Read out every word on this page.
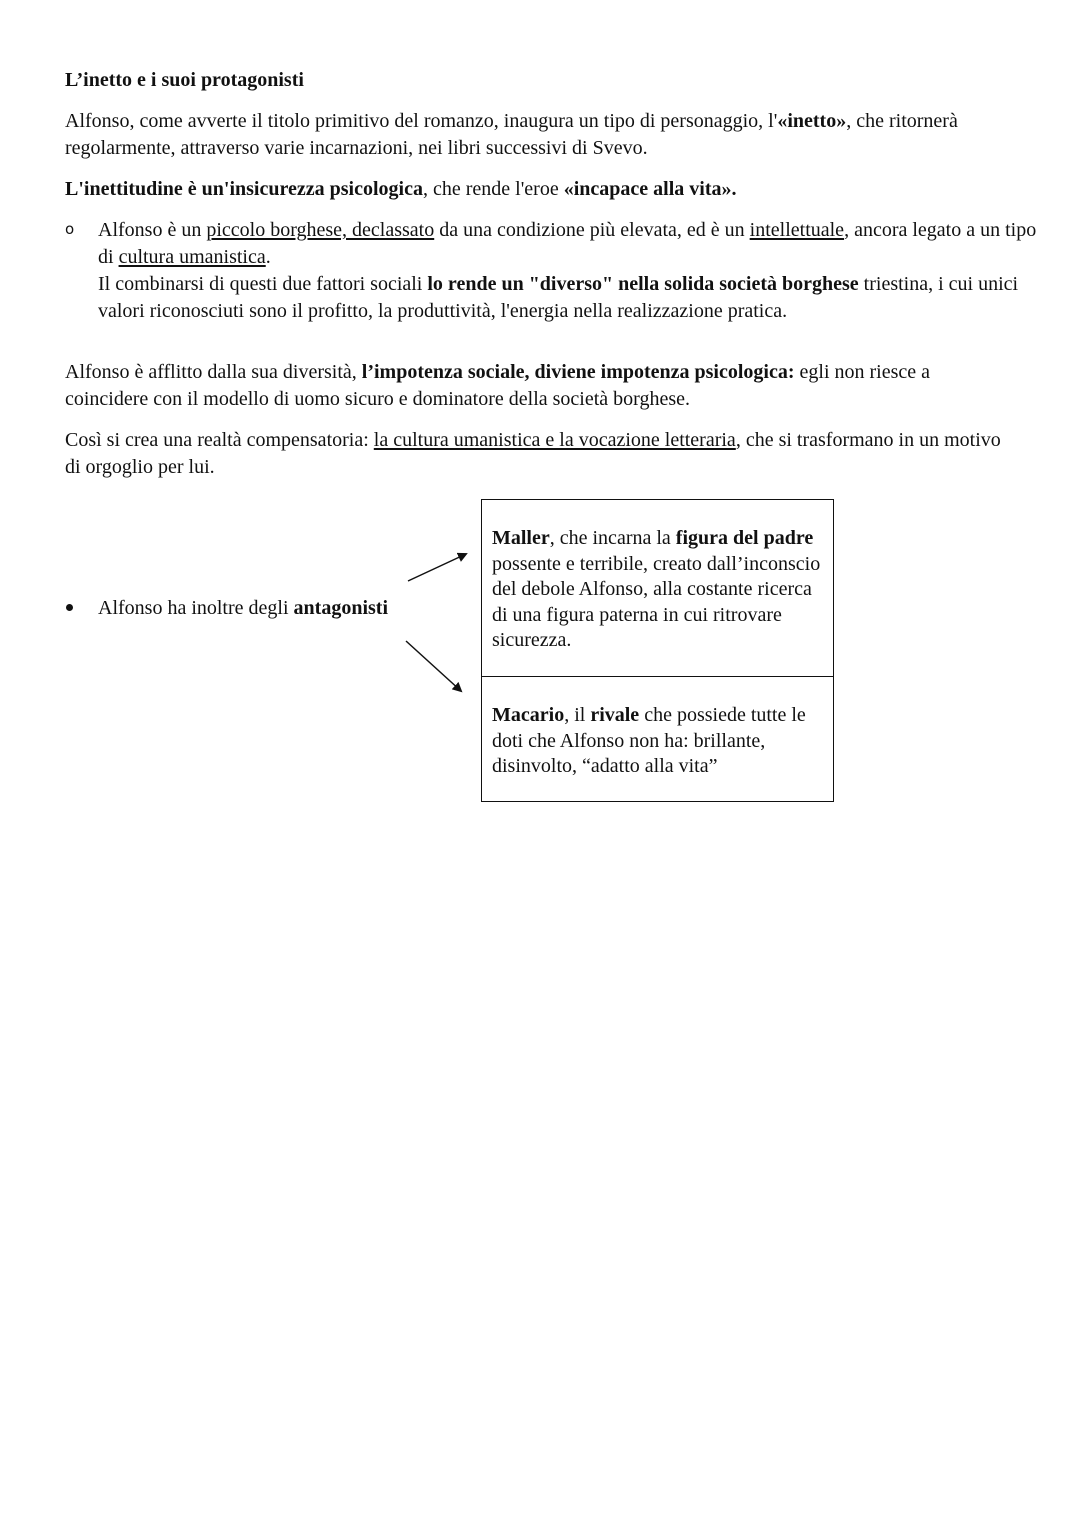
L’inetto e i suoi protagonisti

Alfonso, come avverte il titolo primitivo del romanzo, inaugura un tipo di personaggio, l'«inetto», che ritornerà regolarmente, attraverso varie incarnazioni, nei libri successivi di Svevo.

L'inettitudine è un'insicurezza psicologica, che rende l'eroe «incapace alla vita».

o Alfonso è un piccolo borghese, declassato da una condizione più elevata, ed è un intellettuale, ancora legato a un tipo di cultura umanistica.
Il combinarsi di questi due fattori sociali lo rende un "diverso" nella solida società borghese triestina, i cui unici valori riconosciuti sono il profitto, la produttività, l'energia nella realizzazione pratica.

Alfonso è afflitto dalla sua diversità, l’impotenza sociale, diviene impotenza psicologica: egli non riesce a coincidere con il modello di uomo sicuro e dominatore della società borghese.

Così si crea una realtà compensatoria: la cultura umanistica e la vocazione letteraria, che si trasformano in un motivo di orgoglio per lui.

Alfonso ha inoltre degli antagonisti

Maller, che incarna la figura del padre possente e terribile, creato dall’inconscio del debole Alfonso, alla costante ricerca di una figura paterna in cui ritrovare sicurezza.

Macario, il rivale che possiede tutte le doti che Alfonso non ha: brillante, disinvolto, “adatto alla vita”
